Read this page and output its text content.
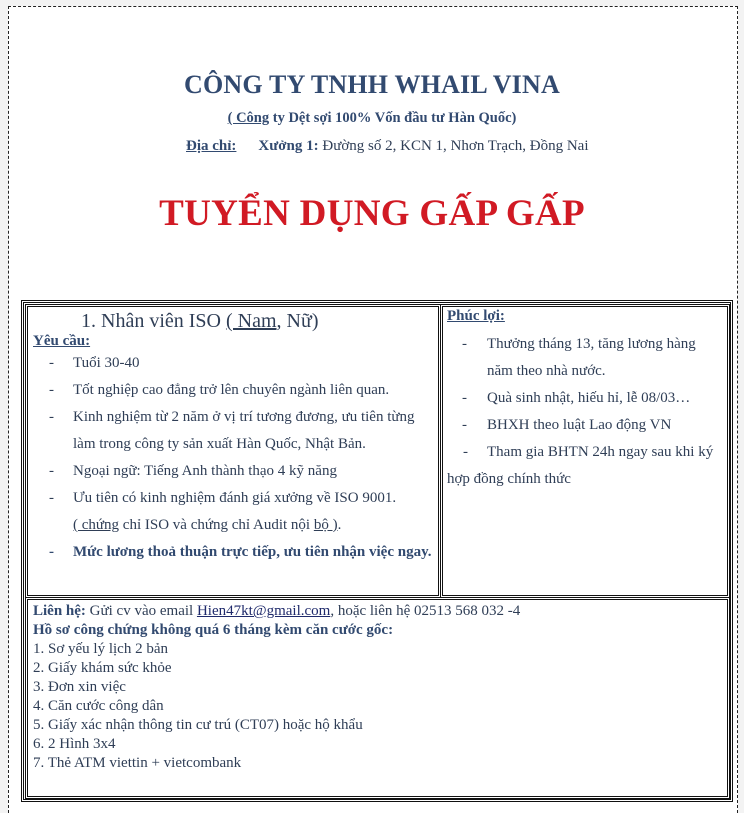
CÔNG TY TNHH WHAIL VINA
( Công ty Dệt sợi 100% Vốn đầu tư Hàn Quốc)
Địa chỉ: Xưởng 1: Đường số 2, KCN 1, Nhơn Trạch, Đồng Nai
TUYỂN DỤNG GẤP GẤP
1. Nhân viên ISO ( Nam, Nữ)
Yêu cầu:
- Tuổi 30-40
- Tốt nghiệp cao đẳng trở lên chuyên ngành liên quan.
- Kinh nghiệm từ 2 năm ở vị trí tương đương, ưu tiên từng làm trong công ty sản xuất Hàn Quốc, Nhật Bản.
- Ngoại ngữ: Tiếng Anh thành thạo 4 kỹ năng
- Ưu tiên có kinh nghiệm đánh giá xưởng về ISO 9001.
( chứng chỉ ISO và chứng chỉ Audit nội bộ ).
- Mức lương thoả thuận trực tiếp, ưu tiên nhận việc ngay.
Phúc lợi:
- Thưởng tháng 13, tăng lương hàng năm theo nhà nước.
- Quà sinh nhật, hiếu hỉ, lễ 08/03…
- BHXH theo luật Lao động VN
- Tham gia BHTN 24h ngay sau khi ký hợp đồng chính thức
Liên hệ: Gửi cv vào email Hien47kt@gmail.com, hoặc liên hệ 02513 568 032 -4
Hồ sơ công chứng không quá 6 tháng kèm căn cước gốc:
1. Sơ yếu lý lịch 2 bản
2. Giấy khám sức khỏe
3. Đơn xin việc
4. Căn cước công dân
5. Giấy xác nhận thông tin cư trú (CT07) hoặc hộ khẩu
6. 2 Hình 3x4
7. Thẻ ATM viettin + vietcombank
